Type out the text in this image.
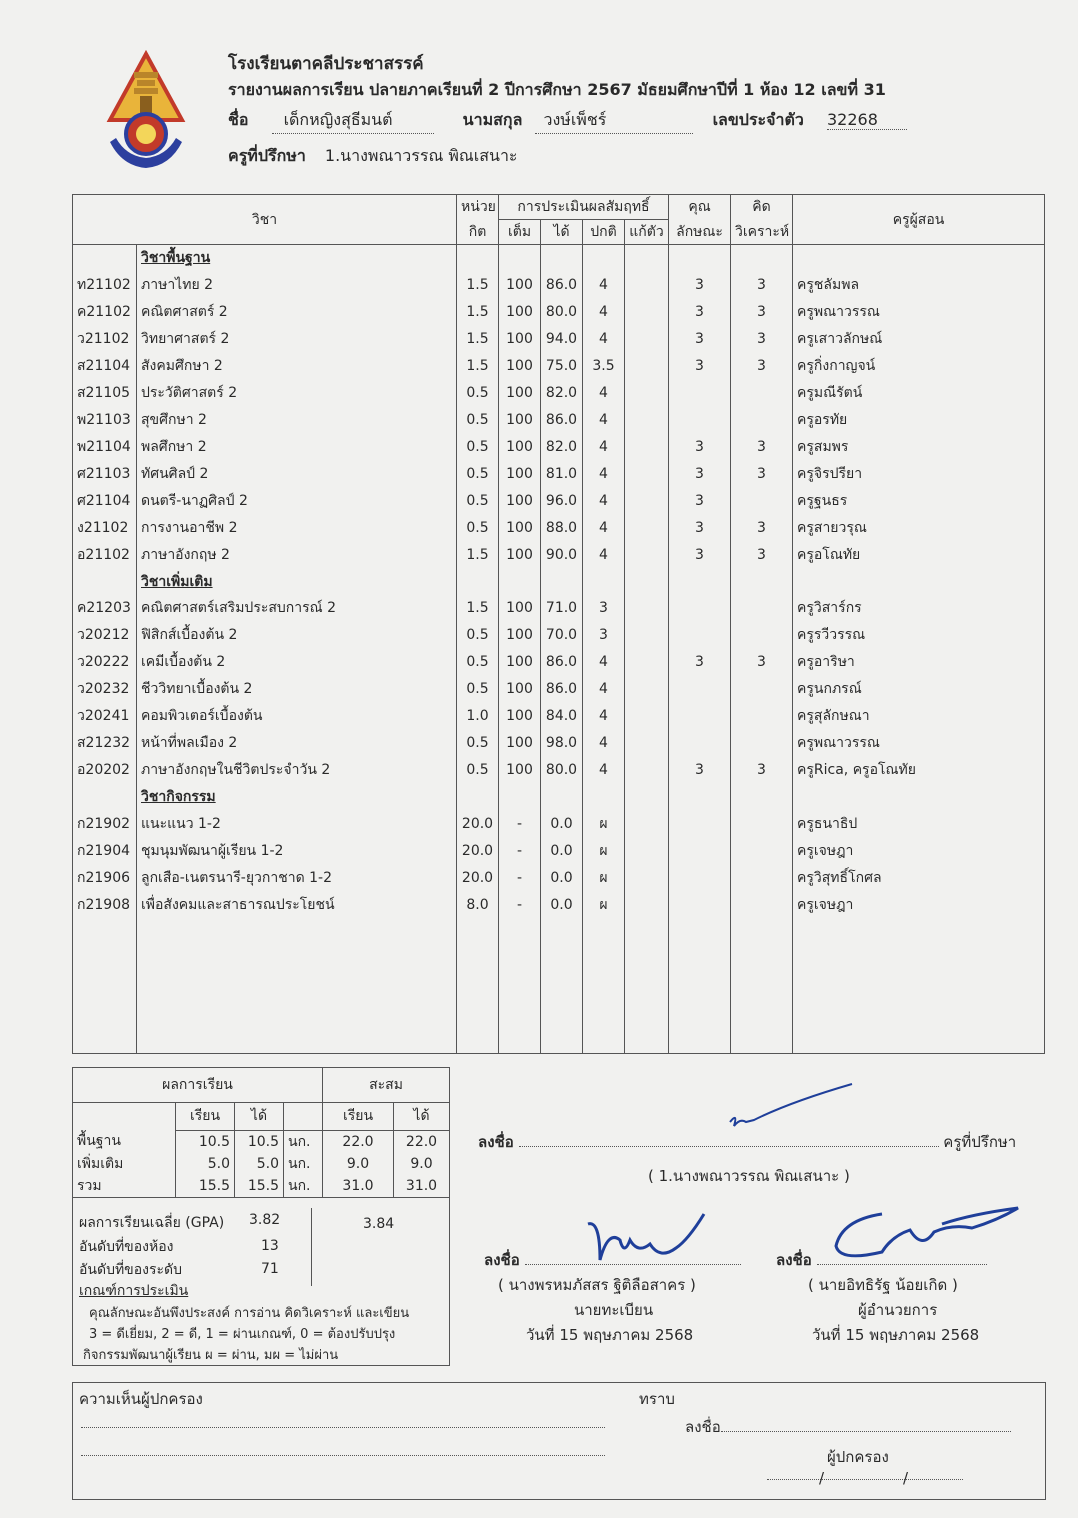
โรงเรียนตาคลีประชาสรรค์
รายงานผลการเรียน ปลายภาคเรียนที่ 2 ปีการศึกษา 2567 มัธยมศึกษาปีที่ 1 ห้อง 12 เลขที่ 31
ชื่อ เด็กหญิงสุธีมนต์	นามสกุล วงษ์เพ็ชร์	เลขประจำตัว 32268
ครูที่ปรึกษา 1.นางพณาวรรณ พิณเสนาะ
วิชา		หน่วย	การประเมินผลสัมฤทธิ์				คุณ	คิด	ครูผู้สอน
		กิต	เต็ม	ได้	ปกติ	แก้ตัว	ลักษณะ	วิเคราะห์	
	วิชาพื้นฐาน								
ท21102	ภาษาไทย 2	1.5	100	86.0	4		3	3	ครูชลัมพล
ค21102	คณิตศาสตร์ 2	1.5	100	80.0	4		3	3	ครูพณาวรรณ
ว21102	วิทยาศาสตร์ 2	1.5	100	94.0	4		3	3	ครูเสาวลักษณ์
ส21104	สังคมศึกษา 2	1.5	100	75.0	3.5		3	3	ครูกิ่งกาญจน์
ส21105	ประวัติศาสตร์ 2	0.5	100	82.0	4				ครูมณีรัตน์
พ21103	สุขศึกษา 2	0.5	100	86.0	4				ครูอรทัย
พ21104	พลศึกษา 2	0.5	100	82.0	4		3	3	ครูสมพร
ศ21103	ทัศนศิลป์ 2	0.5	100	81.0	4		3	3	ครูจิรปรียา
ศ21104	ดนตรี-นาฏศิลป์ 2	0.5	100	96.0	4		3		ครูฐนธร
ง21102	การงานอาชีพ 2	0.5	100	88.0	4		3	3	ครูสายวรุณ
อ21102	ภาษาอังกฤษ 2	1.5	100	90.0	4		3	3	ครูอโณทัย
	วิชาเพิ่มเติม								
ค21203	คณิตศาสตร์เสริมประสบการณ์ 2	1.5	100	71.0	3				ครูวิสาร์กร
ว20212	ฟิสิกส์เบื้องต้น 2	0.5	100	70.0	3				ครูรวีวรรณ
ว20222	เคมีเบื้องต้น 2	0.5	100	86.0	4		3	3	ครูอาริษา
ว20232	ชีววิทยาเบื้องต้น 2	0.5	100	86.0	4				ครูนกภรณ์
ว20241	คอมพิวเตอร์เบื้องต้น	1.0	100	84.0	4				ครูสุลักษณา
ส21232	หน้าที่พลเมือง 2	0.5	100	98.0	4				ครูพณาวรรณ
อ20202	ภาษาอังกฤษในชีวิตประจำวัน 2	0.5	100	80.0	4		3	3	ครูRica, ครูอโณทัย
	วิชากิจกรรม								
ก21902	แนะแนว 1-2	20.0	-	0.0	ผ				ครูธนาธิป
ก21904	ชุมนุมพัฒนาผู้เรียน 1-2	20.0	-	0.0	ผ				ครูเจษฎา
ก21906	ลูกเสือ-เนตรนารี-ยุวกาชาด 1-2	20.0	-	0.0	ผ				ครูวิสุทธิ์โกศล
ก21908	เพื่อสังคมและสาธารณประโยชน์	8.0	-	0.0	ผ				ครูเจษฎา

ผลการเรียน				สะสม	
	เรียน	ได้		เรียน	ได้
พื้นฐาน	10.5	10.5	นก.	22.0	22.0
เพิ่มเติม	5.0	5.0	นก.	9.0	9.0
รวม	15.5	15.5	นก.	31.0	31.0
ผลการเรียนเฉลี่ย (GPA) 3.82	3.84
อันดับที่ของห้อง	13
อันดับที่ของระดับ	71
เกณฑ์การประเมิน
คุณลักษณะอันพึงประสงค์ การอ่าน คิดวิเคราะห์ และเขียน
3 = ดีเยี่ยม, 2 = ดี, 1 = ผ่านเกณฑ์, 0 = ต้องปรับปรุง
กิจกรรมพัฒนาผู้เรียน ผ = ผ่าน, มผ = ไม่ผ่าน
ลงชื่อ	ครูที่ปรึกษา
( 1.นางพณาวรรณ พิณเสนาะ )
ลงชื่อ
( นางพรหมภัสสร ฐิติลือสาคร )
นายทะเบียน
วันที่ 15 พฤษภาคม 2568
ลงชื่อ
( นายอิทธิรัฐ น้อยเกิด )
ผู้อำนวยการ
วันที่ 15 พฤษภาคม 2568
ความเห็นผู้ปกครอง	ทราบ
ลงชื่อ
ผู้ปกครอง
/	/
